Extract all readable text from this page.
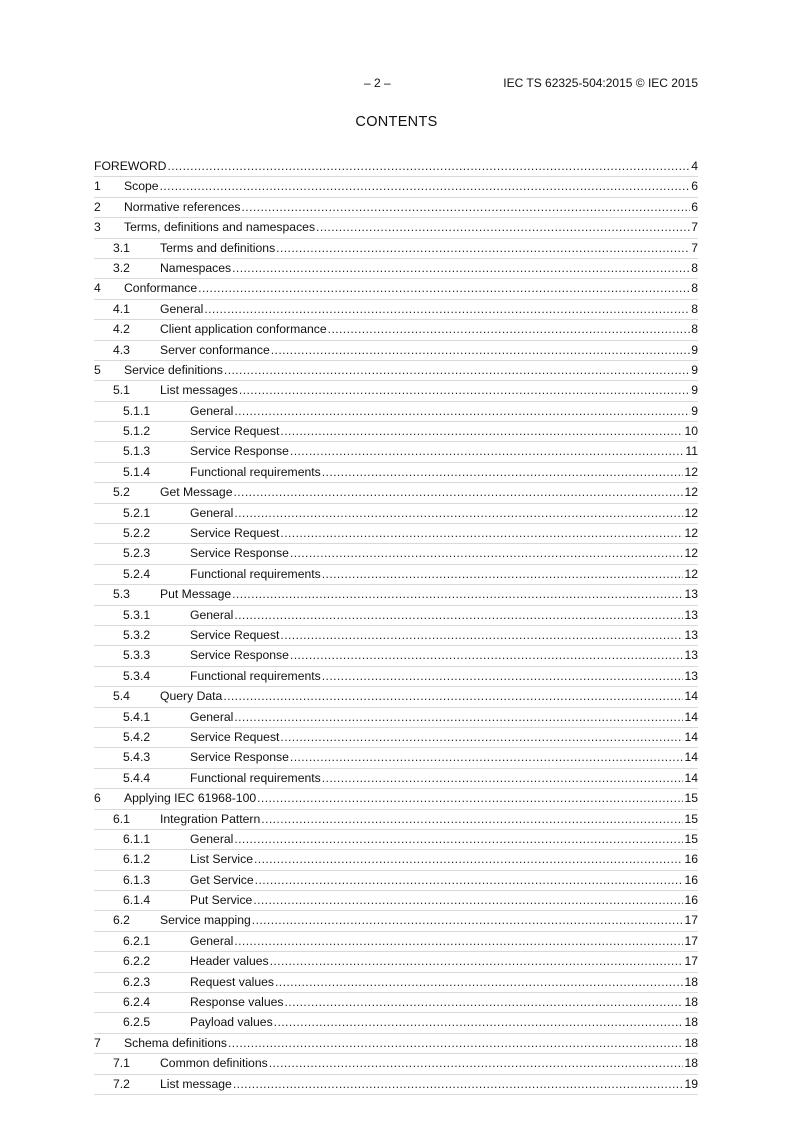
– 2 –	IEC TS 62325-504:2015 © IEC 2015
CONTENTS
FOREWORD .....	4
1 Scope .....	6
2 Normative references .....	6
3 Terms, definitions and namespaces .....	7
3.1 Terms and definitions .....	7
3.2 Namespaces .....	8
4 Conformance .....	8
4.1 General .....	8
4.2 Client application conformance .....	8
4.3 Server conformance .....	9
5 Service definitions .....	9
5.1 List messages .....	9
5.1.1	General .....	9
5.1.2	Service Request .....	10
5.1.3	Service Response .....	11
5.1.4	Functional requirements .....	12
5.2 Get Message .....	12
5.2.1	General .....	12
5.2.2	Service Request .....	12
5.2.3	Service Response .....	12
5.2.4	Functional requirements .....	12
5.3 Put Message .....	13
5.3.1	General .....	13
5.3.2	Service Request .....	13
5.3.3	Service Response .....	13
5.3.4	Functional requirements .....	13
5.4 Query Data .....	14
5.4.1	General .....	14
5.4.2	Service Request .....	14
5.4.3	Service Response .....	14
5.4.4	Functional requirements .....	14
6 Applying IEC 61968-100 .....	15
6.1 Integration Pattern .....	15
6.1.1	General .....	15
6.1.2	List Service .....	16
6.1.3	Get Service .....	16
6.1.4	Put Service .....	16
6.2 Service mapping .....	17
6.2.1	General .....	17
6.2.2	Header values .....	17
6.2.3	Request values .....	18
6.2.4	Response values .....	18
6.2.5	Payload values .....	18
7 Schema definitions .....	18
7.1 Common definitions .....	18
7.2 List message .....	19
